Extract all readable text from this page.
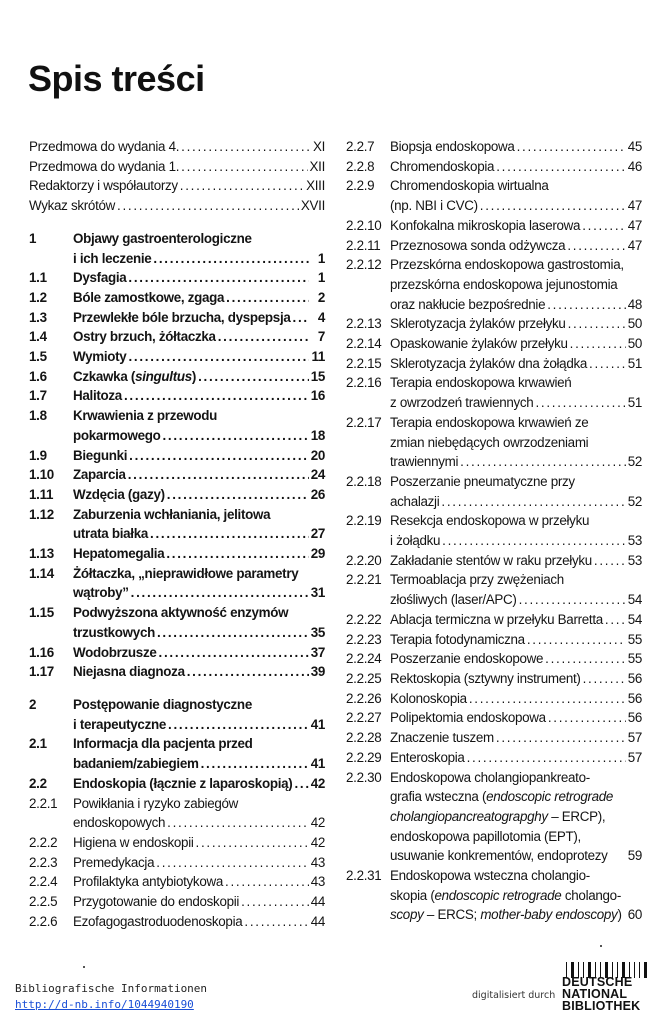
Spis treści
Przedmowa do wydania 4. . . .	XI
Przedmowa do wydania 1. . . .	XII
Redaktorzy i współautorzy . . .	XIII
Wykaz skrótów . . .	XVII
1	Objawy gastroenterologiczne
i ich leczenie . . .	1
1.1	Dysfagia . . .	1
1.2	Bóle zamostkowe, zgaga . . .	2
1.3	Przewlekłe bóle brzucha, dyspepsja . . .	4
1.4	Ostry brzuch, żółtaczka . . .	7
1.5	Wymioty . . .	11
1.6	Czkawka (singultus) . . .	15
1.7	Halitoza . . .	16
1.8	Krwawienia z przewodu
pokarmowego . . .	18
1.9	Biegunki . . .	20
1.10	Zaparcia . . .	24
1.11	Wzdęcia (gazy) . . .	26
1.12	Zaburzenia wchłaniania, jelitowa
utrata białka . . .	27
1.13	Hepatomegalia . . .	29
1.14	Żółtaczka, „nieprawidłowe parametry
wątroby” . . .	31
1.15	Podwyższona aktywność enzymów
trzustkowych . . .	35
1.16	Wodobrzusze . . .	37
1.17	Niejasna diagnoza . . .	39
2	Postępowanie diagnostyczne
i terapeutyczne . . .	41
2.1	Informacja dla pacjenta przed
badaniem/zabiegiem . . .	41
2.2	Endoskopia (łącznie z laparoskopią) . . . 42
2.2.1	Powikłania i ryzyko zabiegów
endoskopowych . . .	42
2.2.2	Higiena w endoskopii . . .	42
2.2.3	Premedykacja . . .	43
2.2.4	Profilaktyka antybiotykowa . . .	43
2.2.5	Przygotowanie do endoskopii . . .	44
2.2.6	Ezofagogastroduodenoskopia . . .	44
2.2.7	Biopsja endoskopowa . . .	45
2.2.8	Chromendoskopia . . .	46
2.2.9	Chromendoskopia wirtualna
(np. NBI i CVC) . . .	47
2.2.10 Konfokalna mikroskopia laserowa . . .	47
2.2.11 Przeznosowa sonda odżywcza . . .	47
2.2.12 Przezskórna endoskopowa gastrostomia,
przezskórna endoskopowa jejunostomia
oraz nakłucie bezpośrednie . . .	48
2.2.13 Sklerotyzacja żylaków przełyku . . .	50
2.2.14 Opaskowanie żylaków przełyku . . .	50
2.2.15 Sklerotyzacja żylaków dna żołądka . . .	51
2.2.16 Terapia endoskopowa krwawień
z owrzodzeń trawiennych . . .	51
2.2.17 Terapia endoskopowa krwawień ze
zmian niebędących owrzodzeniami
trawiennymi . . .	52
2.2.18 Poszerzanie pneumatyczne przy
achalazji . . .	52
2.2.19 Resekcja endoskopowa w przełyku
i żołądku . . .	53
2.2.20 Zakładanie stentów w raku przełyku . . .	53
2.2.21 Termoablacja przy zwężeniach
złośliwych (laser/APC) . . .	54
2.2.22 Ablacja termiczna w przełyku Barretta . . . 54
2.2.23 Terapia fotodynamiczna . . .	55
2.2.24 Poszerzanie endoskopowe . . .	55
2.2.25 Rektoskopia (sztywny instrument) . . .	56
2.2.26 Kolonoskopia . . .	56
2.2.27 Polipektomia endoskopowa . . .	56
2.2.28 Znaczenie tuszem . . .	57
2.2.29 Enteroskopia . . .	57
2.2.30 Endoskopowa cholangiopankreato-
grafia wsteczna (endoscopic retrograde
cholangiopancreatograpghy – ERCP),
endoskopowa papillotomia (EPT),
usuwanie konkrementów, endoprotezy 59
2.2.31 Endoskopowa wsteczna cholangio-
skopia (endoscopic retrograde cholango-
scopy – ERCS; mother-baby endoscopy) 60
Bibliografische Informationen
http://d-nb.info/1044940190
digitalisiert durch
DEUTSCHE
NATIONAL
BIBLIOTHEK
